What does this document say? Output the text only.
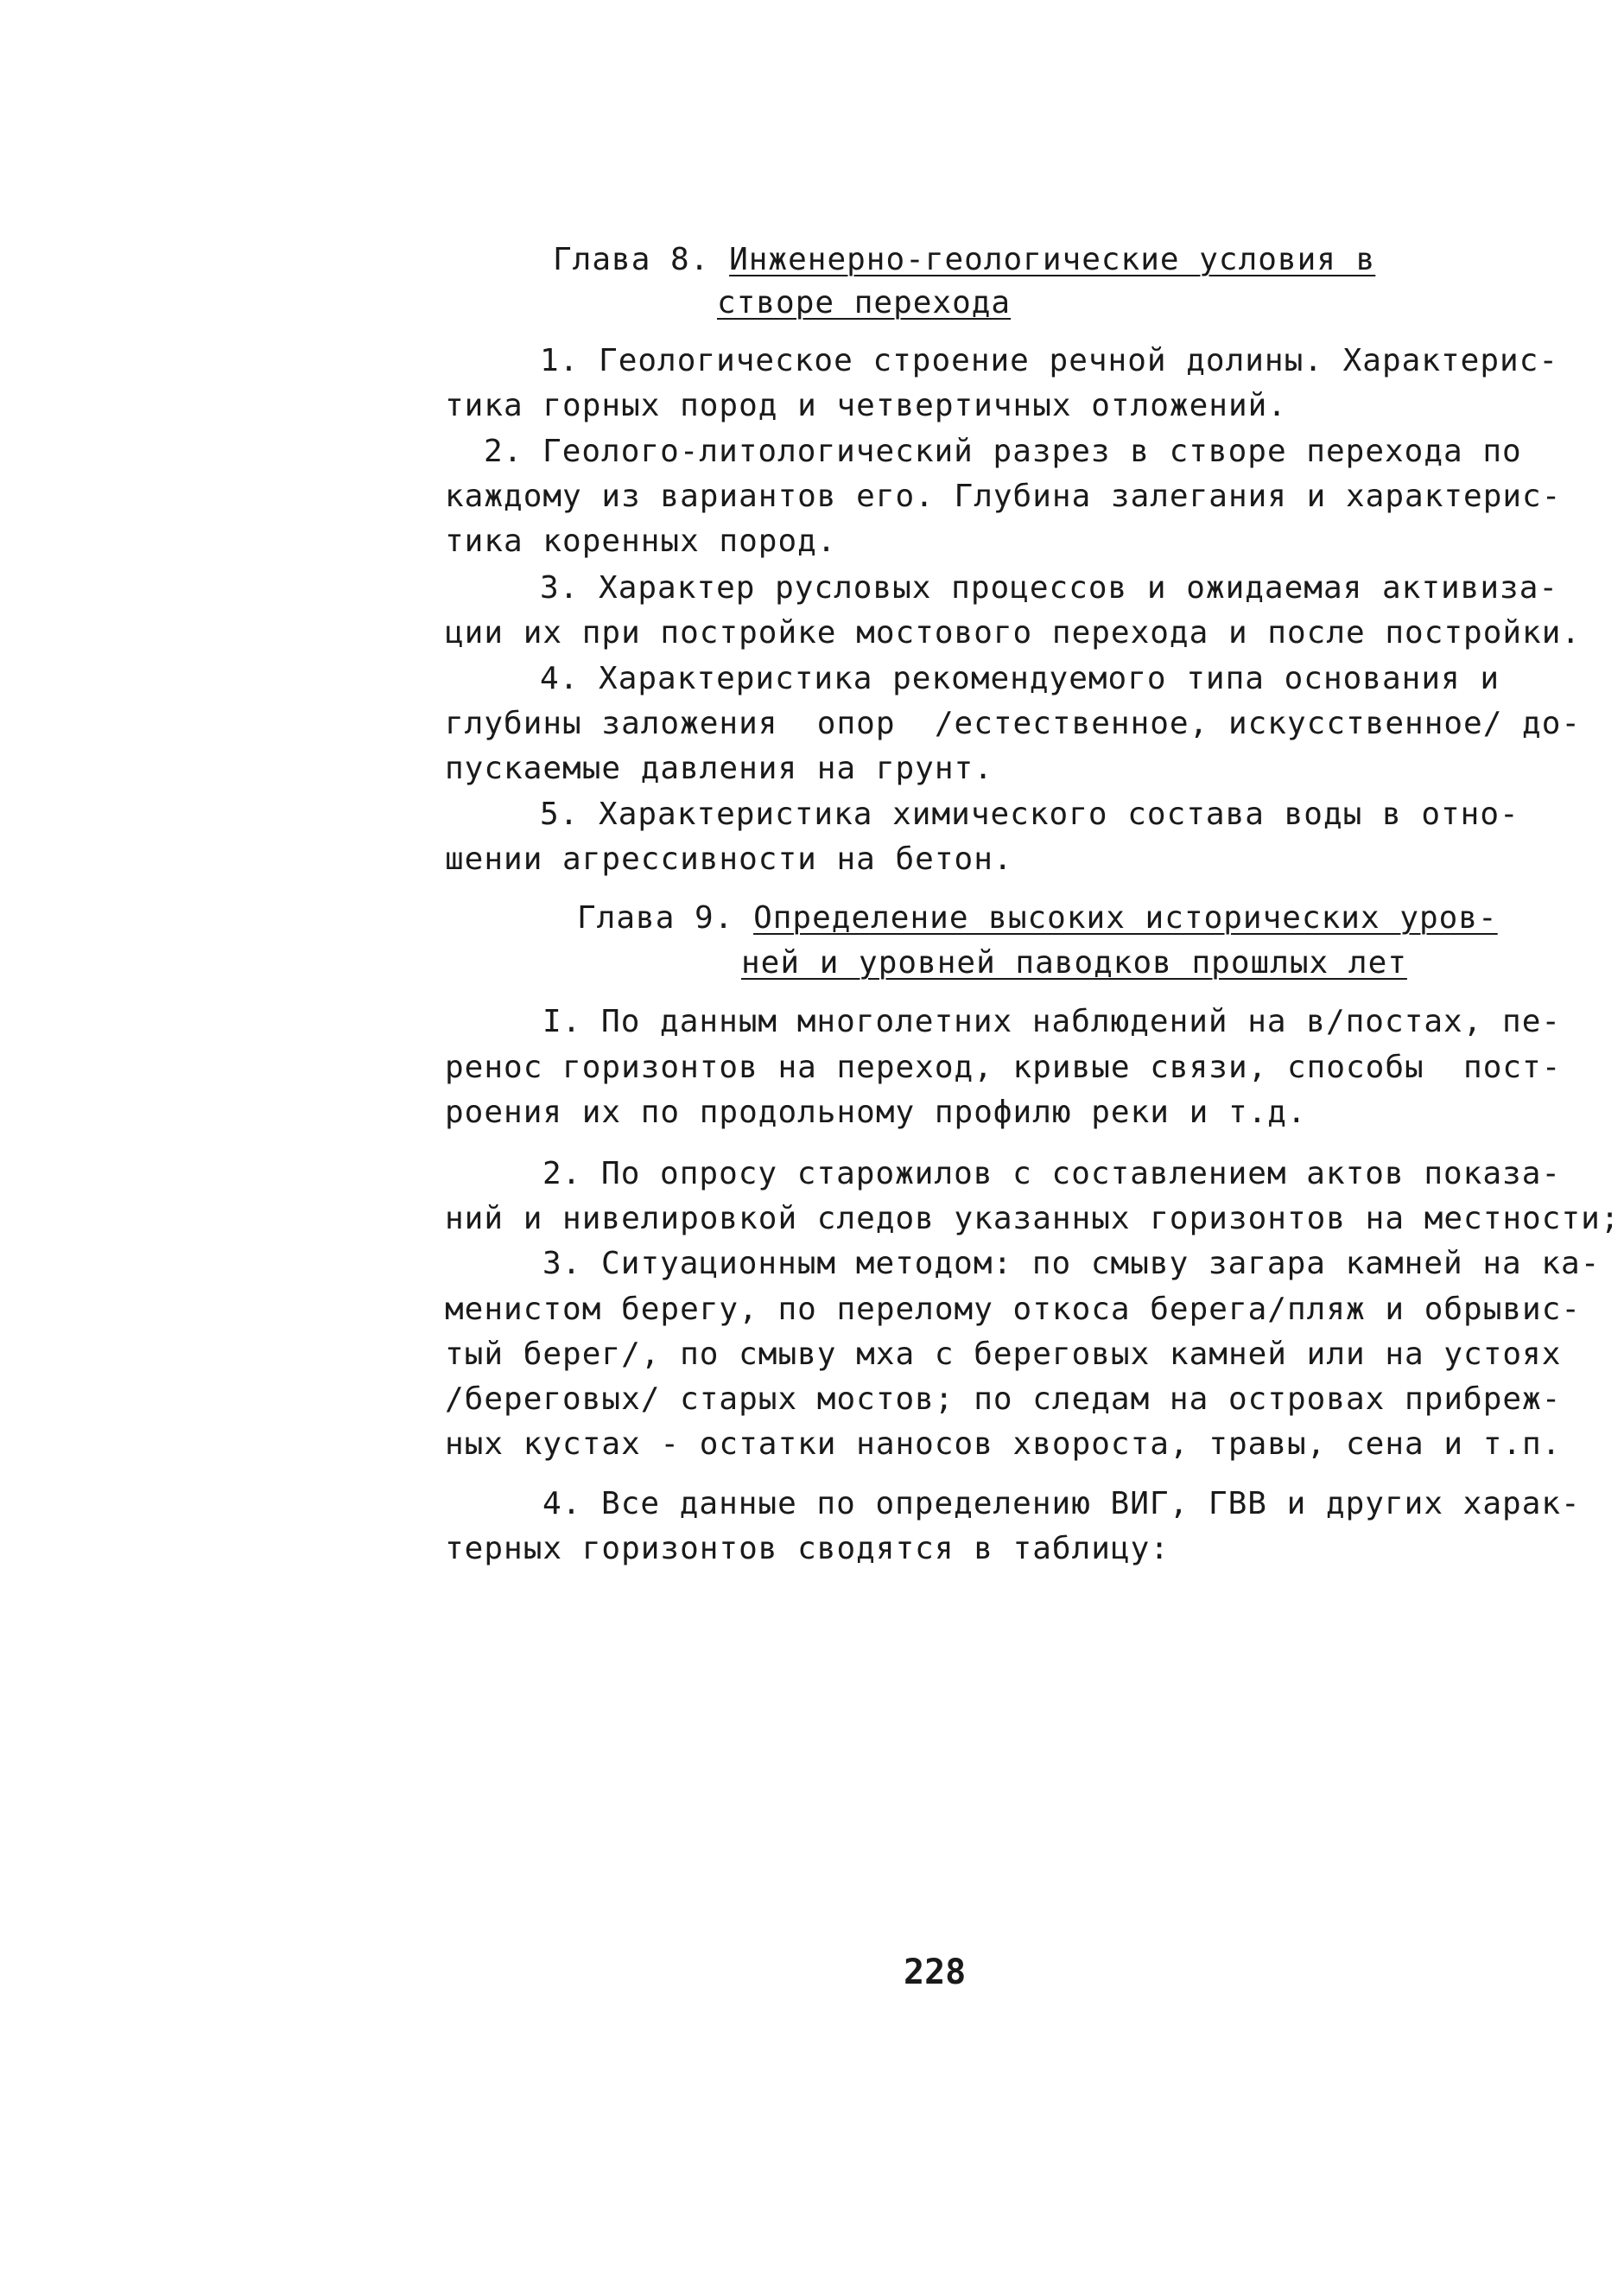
Глава 8. Инженерно-геологические условия в
створе перехода
1. Геологическое строение речной долины. Характерис-
тика горных пород и четвертичных отложений.
2. Геолого-литологический разрез в створе перехода по
каждому из вариантов его. Глубина залегания и характерис-
тика коренных пород.
3. Характер русловых процессов и ожидаемая активиза-
ции их при постройке мостового перехода и после постройки.
4. Характеристика рекомендуемого типа основания и
глубины заложения  опор  /естественное, искусственное/ до-
пускаемые давления на грунт.
5. Характеристика химического состава воды в отно-
шении агрессивности на бетон.
Глава 9. Определение высоких исторических уров-
ней и уровней паводков прошлых лет
I. По данным многолетних наблюдений на в/постах, пе-
ренос горизонтов на переход, кривые связи, способы  пост-
роения их по продольному профилю реки и т.д.
2. По опросу старожилов с составлением актов показа-
ний и нивелировкой следов указанных горизонтов на местности;
3. Ситуационным методом: по смыву загара камней на ка-
менистом берегу, по перелому откоса берега/пляж и обрывис-
тый берег/, по смыву мха с береговых камней или на устоях
/береговых/ старых мостов; по следам на островах прибреж-
ных кустах - остатки наносов хвороста, травы, сена и т.п.
4. Все данные по определению ВИГ, ГВВ и других харак-
терных горизонтов сводятся в таблицу:
228
